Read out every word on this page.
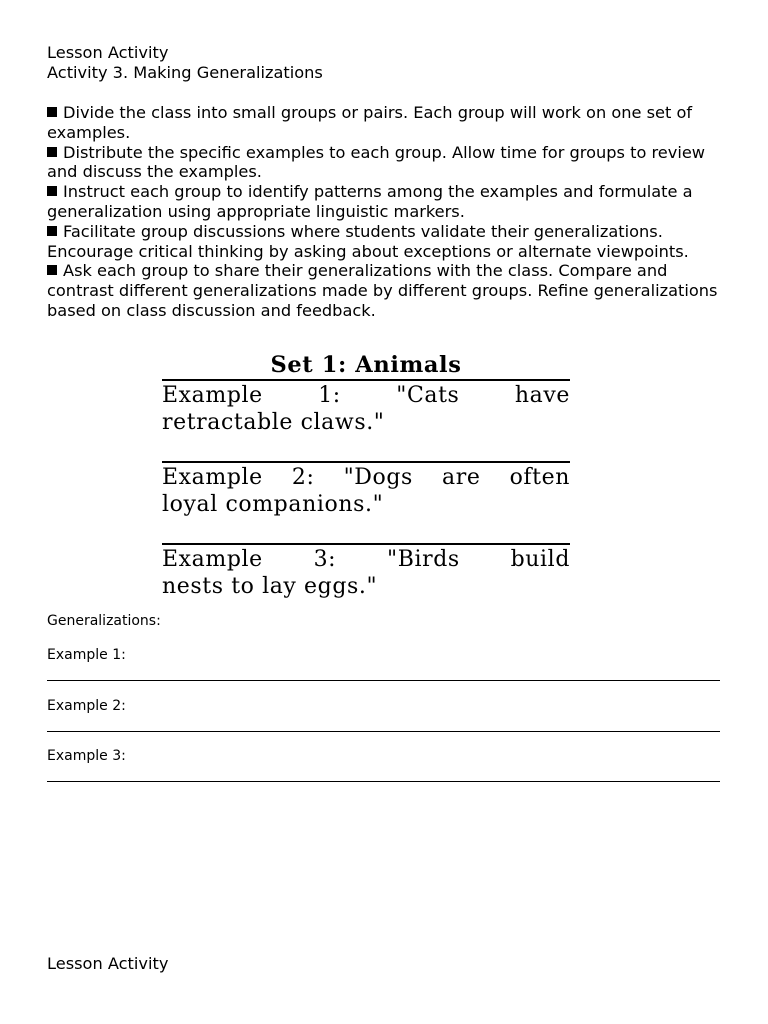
Lesson Activity
Activity 3. Making Generalizations
Divide the class into small groups or pairs. Each group will work on one set of examples.
Distribute the specific examples to each group. Allow time for groups to review and discuss the examples.
Instruct each group to identify patterns among the examples and formulate a generalization using appropriate linguistic markers.
Facilitate group discussions where students validate their generalizations. Encourage critical thinking by asking about exceptions or alternate viewpoints.
Ask each group to share their generalizations with the class. Compare and contrast different generalizations made by different groups. Refine generalizations based on class discussion and feedback.
Set 1: Animals
Example 1: "Cats have
retractable claws."
Example 2: "Dogs are often
loyal companions."
Example 3: "Birds build
nests to lay eggs."
Generalizations:
Example 1:
Example 2:
Example 3:
Lesson Activity
